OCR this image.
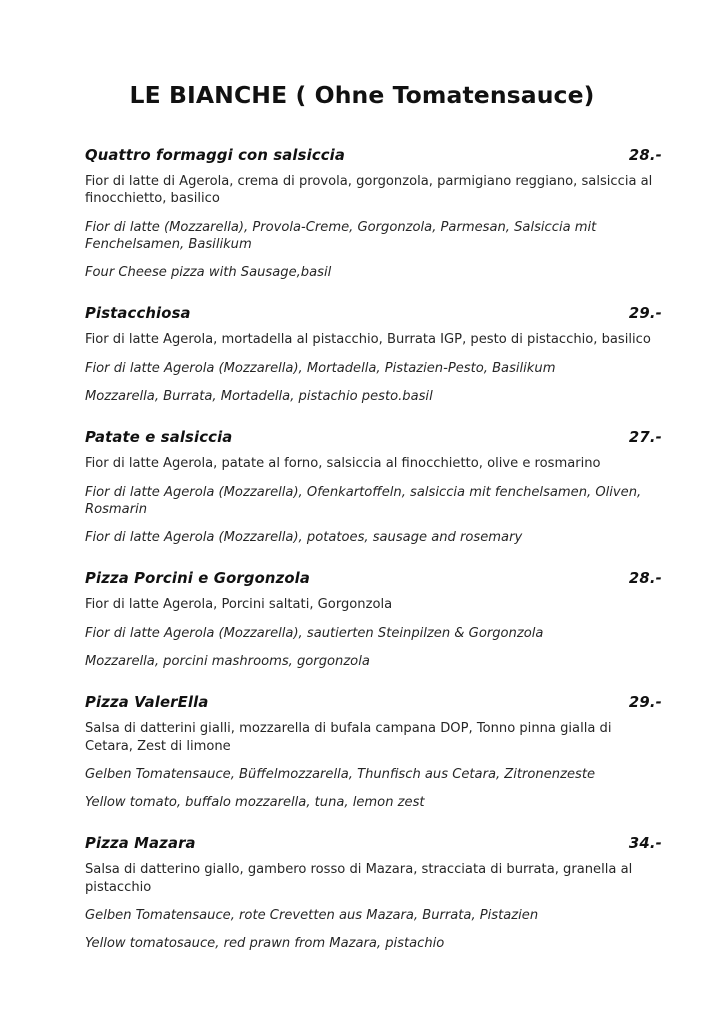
LE BIANCHE ( Ohne Tomatensauce)
Quattro formaggi con salsiccia	28.-

Fior di latte di Agerola, crema di provola, gorgonzola, parmigiano reggiano, salsiccia al finocchietto, basilico

Fior di latte (Mozzarella), Provola-Creme, Gorgonzola, Parmesan, Salsiccia mit Fenchelsamen, Basilikum

Four Cheese pizza with Sausage,basil

Pistacchiosa	29.-

Fior di latte Agerola, mortadella al pistacchio, Burrata IGP, pesto di pistacchio, basilico

Fior di latte Agerola (Mozzarella), Mortadella, Pistazien-Pesto, Basilikum

Mozzarella, Burrata, Mortadella, pistachio pesto.basil

Patate e salsiccia	27.-

Fior di latte Agerola, patate al forno, salsiccia al finocchietto, olive e rosmarino

Fior di latte Agerola (Mozzarella), Ofenkartoffeln, salsiccia mit fenchelsamen, Oliven, Rosmarin

Fior di latte Agerola (Mozzarella), potatoes, sausage and rosemary

Pizza Porcini e Gorgonzola	28.-

Fior di latte Agerola, Porcini saltati, Gorgonzola

Fior di latte Agerola (Mozzarella), sautierten Steinpilzen & Gorgonzola

Mozzarella, porcini mashrooms, gorgonzola

Pizza ValerElla	29.-

Salsa di datterini gialli, mozzarella di bufala campana DOP, Tonno pinna gialla di Cetara, Zest di limone

Gelben Tomatensauce, Büffelmozzarella, Thunfisch aus Cetara, Zitronenzeste

Yellow tomato, buffalo mozzarella, tuna, lemon zest

Pizza Mazara	34.-

Salsa di datterino giallo, gambero rosso di Mazara, stracciata di burrata, granella al pistacchio

Gelben Tomatensauce, rote Crevetten aus Mazara, Burrata, Pistazien

Yellow tomatosauce, red prawn from Mazara, pistachio
